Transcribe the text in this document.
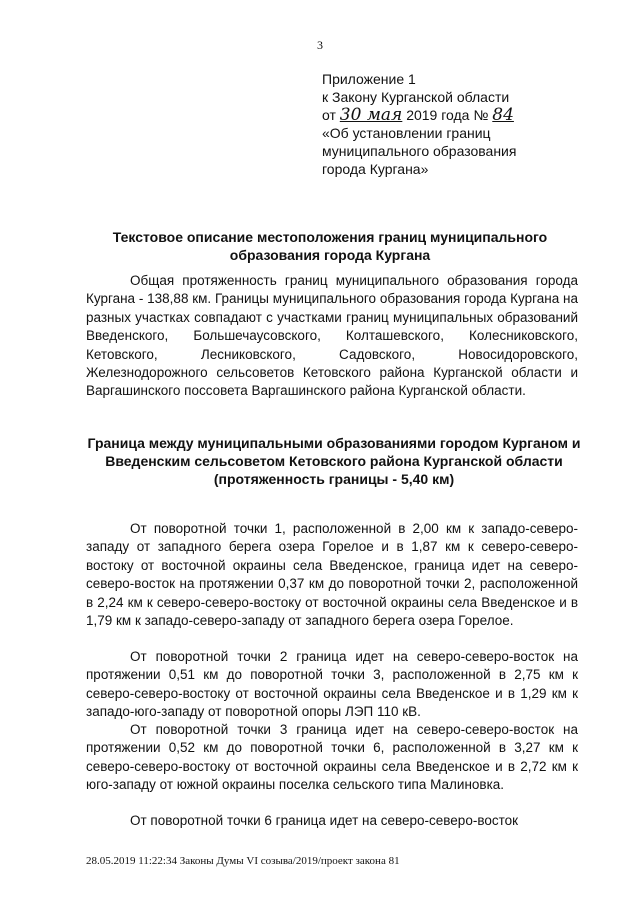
3
Приложение 1
к Закону Курганской области
от 30 мая 2019 года № 84
«Об установлении границ
муниципального образования
города Кургана»
Текстовое описание местоположения границ муниципального образования города Кургана
Общая протяженность границ муниципального образования города Кургана - 138,88 км. Границы муниципального образования города Кургана на разных участках совпадают с участками границ муниципальных образований Введенского, Большечаусовского, Колташевского, Колесниковского, Кетовского, Лесниковского, Садовского, Новосидоровского, Железнодорожного сельсоветов Кетовского района Курганской области и Варгашинского поссовета Варгашинского района Курганской области.
Граница между муниципальными образованиями городом Курганом и Введенским сельсоветом Кетовского района Курганской области
(протяженность границы - 5,40 км)
От поворотной точки 1, расположенной в 2,00 км к западо-северо-западу от западного берега озера Горелое и в 1,87 км к северо-северо-востоку от восточной окраины села Введенское, граница идет на северо-северо-восток на протяжении 0,37 км до поворотной точки 2, расположенной в 2,24 км к северо-северо-востоку от восточной окраины села Введенское и в 1,79 км к западо-северо-западу от западного берега озера Горелое.
От поворотной точки 2 граница идет на северо-северо-восток на протяжении 0,51 км до поворотной точки 3, расположенной в 2,75 км к северо-северо-востоку от восточной окраины села Введенское и в 1,29 км к западо-юго-западу от поворотной опоры ЛЭП 110 кВ.
От поворотной точки 3 граница идет на северо-северо-восток на протяжении 0,52 км до поворотной точки 6, расположенной в 3,27 км к северо-северо-востоку от восточной окраины села Введенское и в 2,72 км к юго-западу от южной окраины поселка сельского типа Малиновка.
От поворотной точки 6 граница идет на северо-северо-восток
28.05.2019 11:22:34 Законы Думы VI созыва/2019/проект закона 81
